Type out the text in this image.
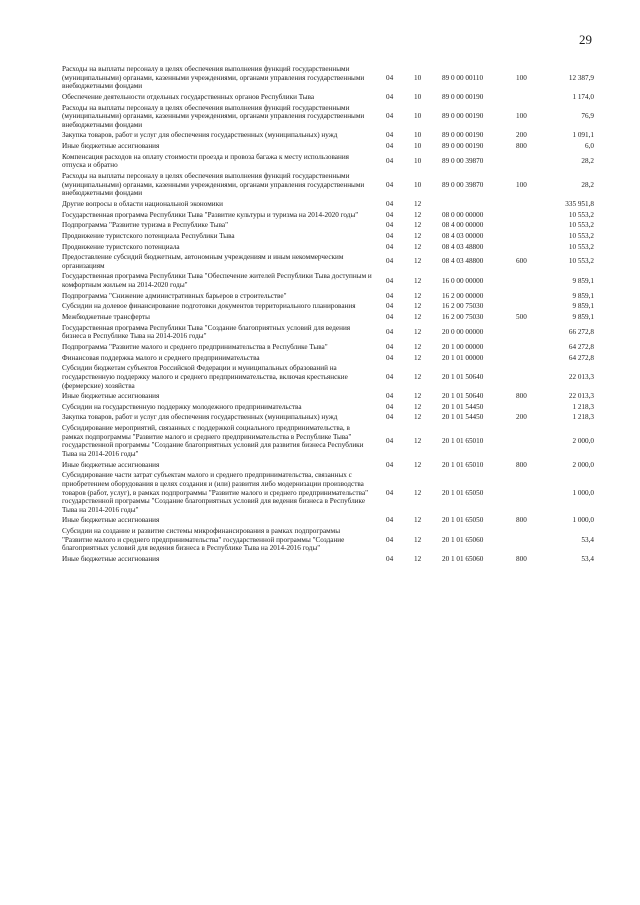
29
Расходы на выплаты персоналу в целях обеспечения выполнения функций государственными (муниципальными) органами, казенными учреждениями, органами управления государственными внебюджетными фондами	04	10	89 0 00 00110	100	12 387,9
Обеспечение деятельности отдельных государственных органов Республики Тыва	04	10	89 0 00 00190		1 174,0
Расходы на выплаты персоналу в целях обеспечения выполнения функций государственными (муниципальными) органами, казенными учреждениями, органами управления государственными внебюджетными фондами	04	10	89 0 00 00190	100	76,9
Закупка товаров, работ и услуг для обеспечения государственных (муниципальных) нужд	04	10	89 0 00 00190	200	1 091,1
Иные бюджетные ассигнования	04	10	89 0 00 00190	800	6,0
Компенсация расходов на оплату стоимости проезда и провоза багажа к месту использования отпуска и обратно	04	10	89 0 00 39870		28,2
Расходы на выплаты персоналу в целях обеспечения выполнения функций государственными (муниципальными) органами, казенными учреждениями, органами управления государственными внебюджетными фондами	04	10	89 0 00 39870	100	28,2
Другие вопросы в области национальной экономики	04	12			335 951,8
Государственная программа Республики Тыва "Развитие культуры и туризма на 2014-2020 годы"	04	12	08 0 00 00000		10 553,2
Подпрограмма "Развитие туризма в Республике Тыва"	04	12	08 4 00 00000		10 553,2
Продвижение туристского потенциала Республики Тыва	04	12	08 4 03 00000		10 553,2
Продвижение туристского потенциала	04	12	08 4 03 48800		10 553,2
Предоставление субсидий бюджетным, автономным учреждениям и иным некоммерческим организациям	04	12	08 4 03 48800	600	10 553,2
Государственная программа Республики Тыва "Обеспечение жителей Республики Тыва доступным и комфортным жильем на 2014-2020 годы"	04	12	16 0 00 00000		9 859,1
Подпрограмма "Снижение административных барьеров в строительстве"	04	12	16 2 00 00000		9 859,1
Субсидии на долевое финансирование подготовки документов территориального планирования	04	12	16 2 00 75030		9 859,1
Межбюджетные трансферты	04	12	16 2 00 75030	500	9 859,1
Государственная программа Республики Тыва "Создание благоприятных условий для ведения бизнеса в Республике Тыва на 2014-2016 годы"	04	12	20 0 00 00000		66 272,8
Подпрограмма "Развитие малого и среднего предпринимательства в Республике Тыва"	04	12	20 1 00 00000		64 272,8
Финансовая поддержка малого и среднего предпринимательства	04	12	20 1 01 00000		64 272,8
Субсидии бюджетам субъектов Российской Федерации и муниципальных образований на государственную поддержку малого и среднего предпринимательства, включая крестьянские (фермерские) хозяйства	04	12	20 1 01 50640		22 013,3
Иные бюджетные ассигнования	04	12	20 1 01 50640	800	22 013,3
Субсидии на государственную поддержку молодежного предпринимательства	04	12	20 1 01 54450		1 218,3
Закупка товаров, работ и услуг для обеспечения государственных (муниципальных) нужд	04	12	20 1 01 54450	200	1 218,3
Субсидирование мероприятий, связанных с поддержкой социального предпринимательства, в рамках подпрограммы "Развитие малого и среднего предпринимательства в Республике Тыва" государственной программы "Создание благоприятных условий для развития бизнеса Республики Тыва на 2014-2016 годы"	04	12	20 1 01 65010		2 000,0
Иные бюджетные ассигнования	04	12	20 1 01 65010	800	2 000,0
Субсидирование части затрат субъектам малого и среднего предпринимательства, связанных с приобретением оборудования в целях создания и (или) развития либо модернизации производства товаров (работ, услуг), в рамках подпрограммы "Развитие малого и среднего предпринимательства" государственной программы "Создание благоприятных условий для ведения бизнеса в Республике Тыва на 2014-2016 годы"	04	12	20 1 01 65050		1 000,0
Иные бюджетные ассигнования	04	12	20 1 01 65050	800	1 000,0
Субсидии на создание и развитие системы микрофинансирования в рамках подпрограммы "Развитие малого и среднего предпринимательства" государственной программы "Создание благоприятных условий для ведения бизнеса в Республике Тыва на 2014-2016 годы"	04	12	20 1 01 65060		53,4
Иные бюджетные ассигнования	04	12	20 1 01 65060	800	53,4
